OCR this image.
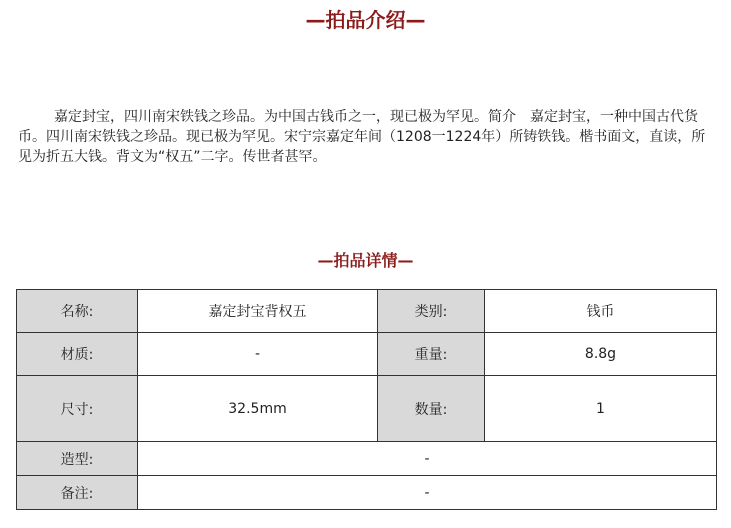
—拍品介绍—
嘉定封宝，四川南宋铁钱之珍品。为中国古钱币之一，现已极为罕见。简介　嘉定封宝，一种中国古代货币。四川南宋铁钱之珍品。现已极为罕见。宋宁宗嘉定年间（1208一1224年）所铸铁钱。楷书面文，直读，所见为折五大钱。背文为“权五”二字。传世者甚罕。
—拍品详情—
名称:	嘉定封宝背权五	类别:	钱币
材质:	-	重量:	8.8g
尺寸:	32.5mm	数量:	1
造型:	-		
备注:	-		
